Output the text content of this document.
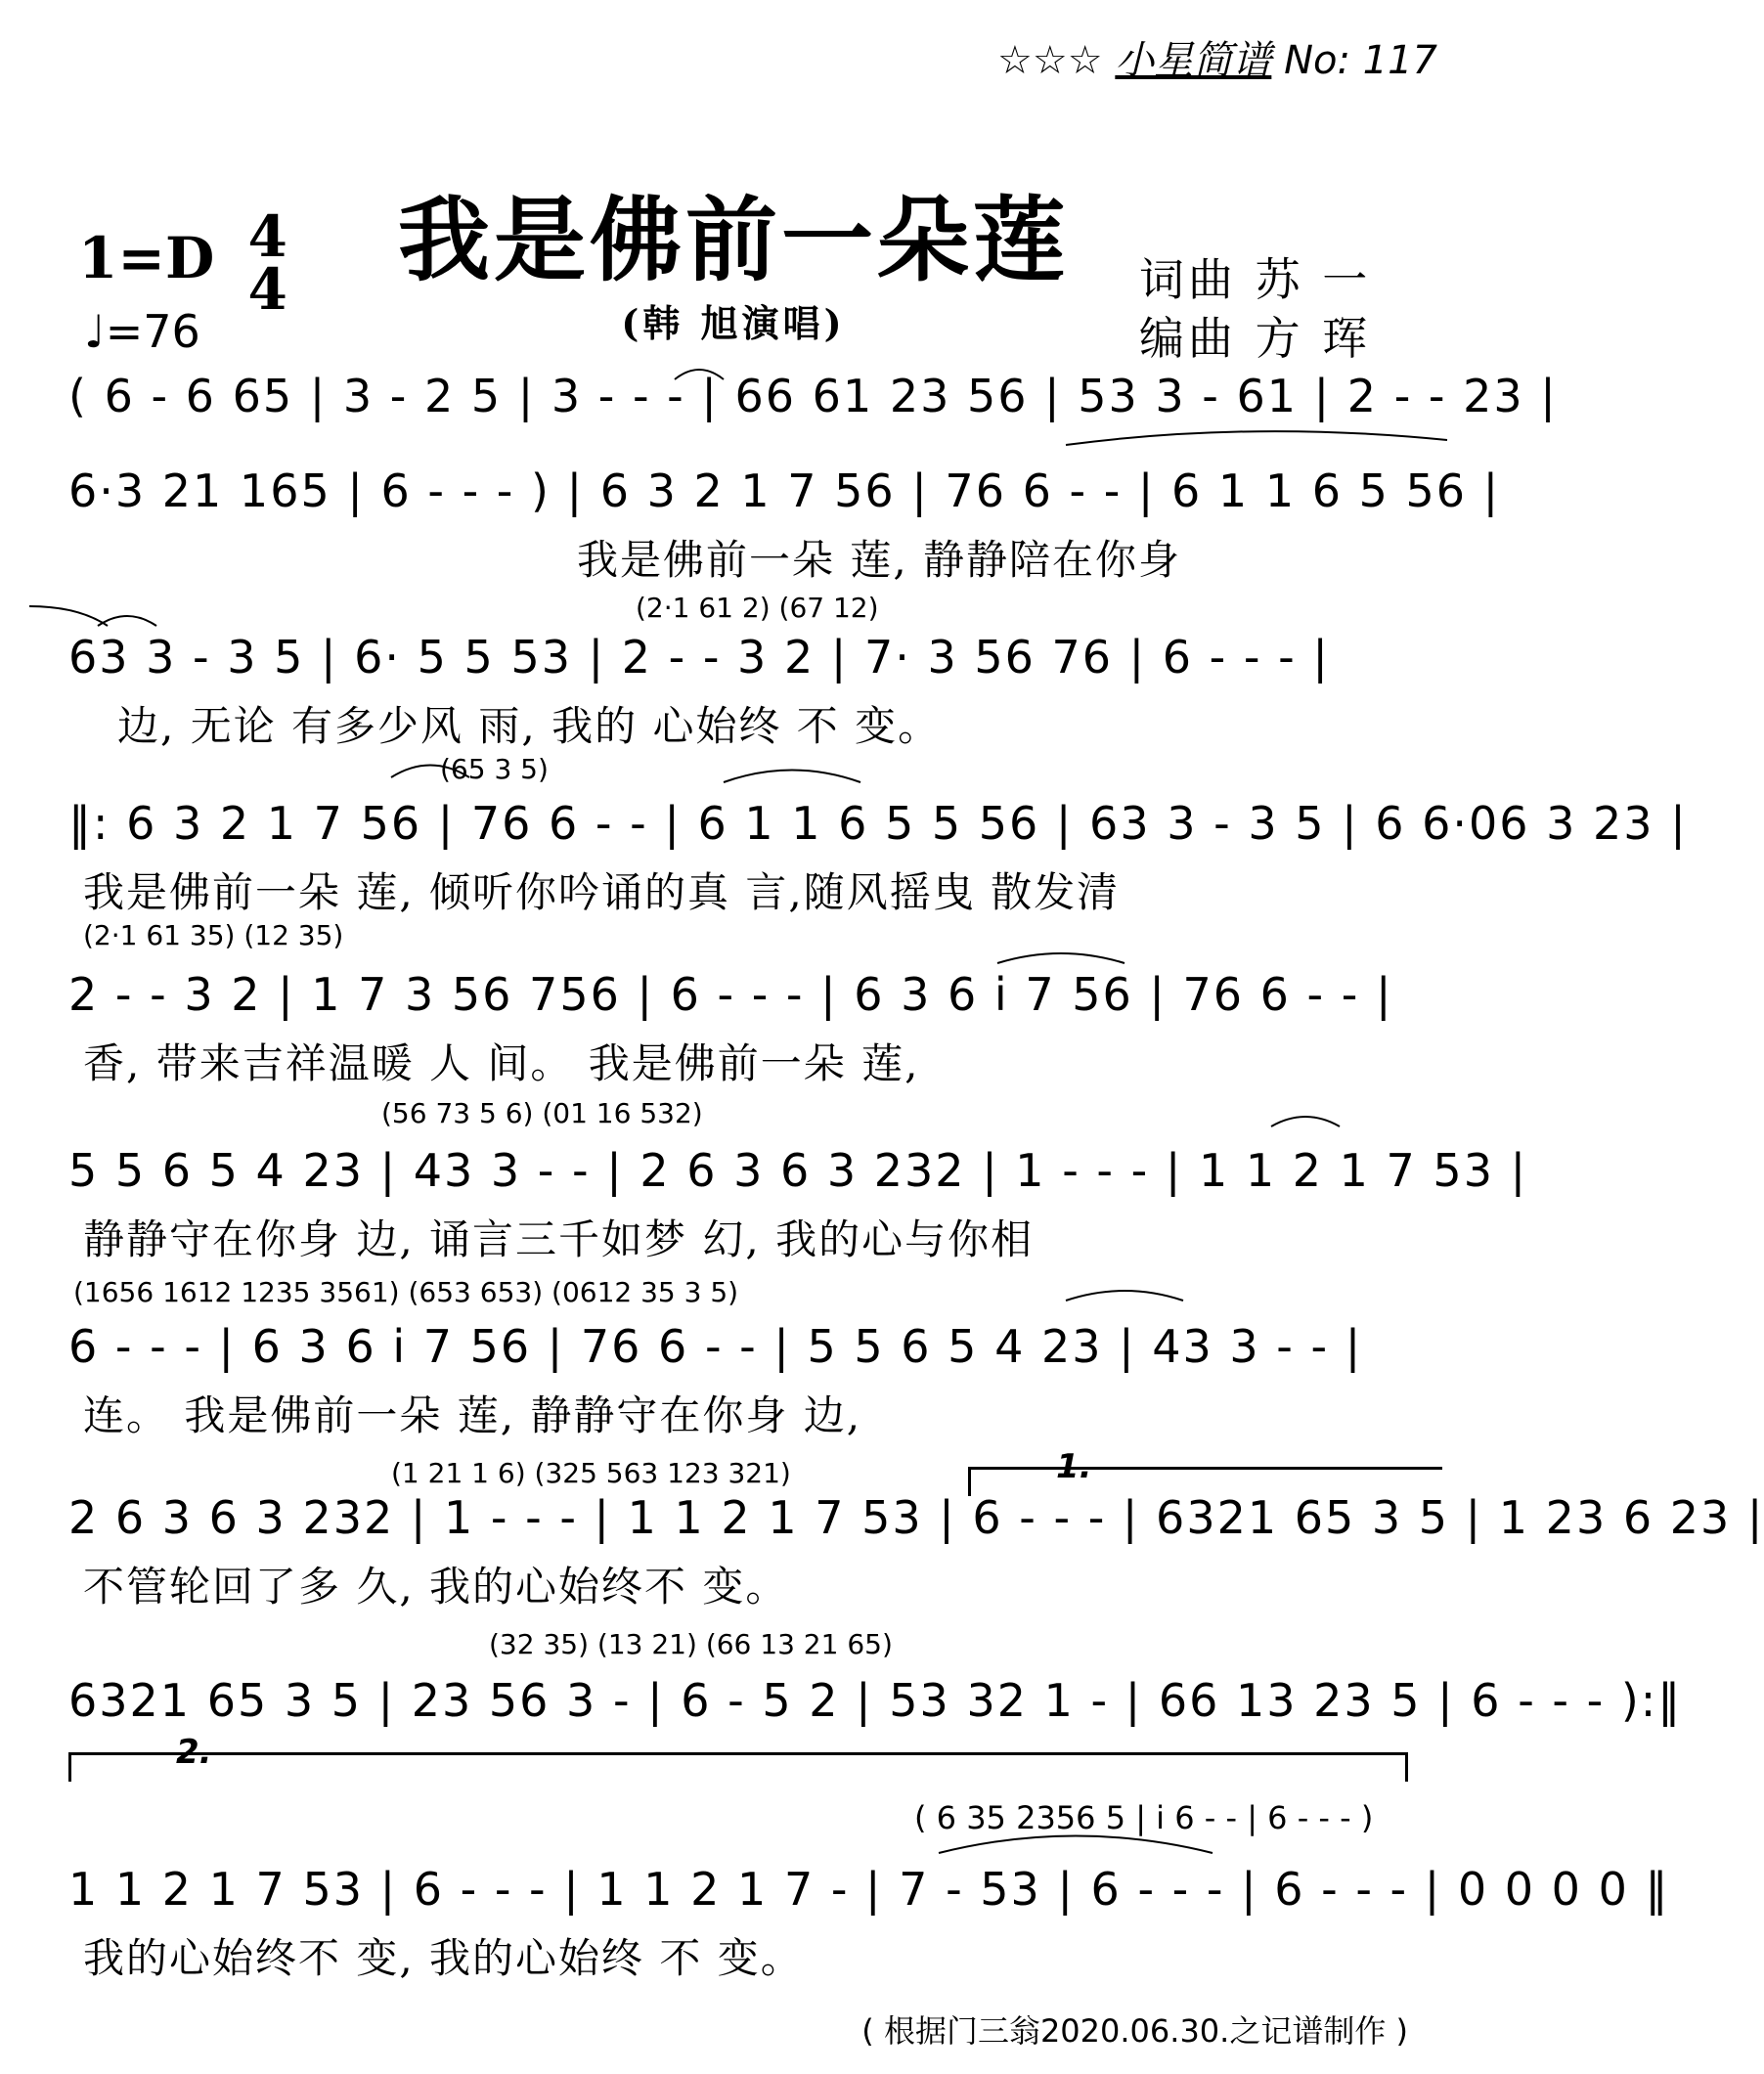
☆☆☆ 小星简谱 No: 117
1=D 4
4
♩=76
我是佛前一朵莲
(韩 旭演唱)
词曲 苏 一
编曲 方 珲
( 6 - 6 65 | 3 - 2 5 | 3 - - - | 66 61 23 56 | 53 3 - 61 | 2 - - 23 |
6·3 21 165 | 6 - - - ) | 6 3 2 1 7 56 | 76 6 - - | 6 1 1 6 5 56 |
我是佛前一朵 莲, 静静陪在你身
(2·1 61 2) (67 12)
63 3 - 3 5 | 6· 5 5 53 | 2 - - 3 2 | 7· 3 56 76 | 6 - - - |
边, 无论 有多少风 雨, 我的 心始终 不 变。
(65 3 5)
‖: 6 3 2 1 7 56 | 76 6 - - | 6 1 1 6 5 5 56 | 63 3 - 3 5 | 6 6·06 3 23 |
我是佛前一朵 莲, 倾听你吟诵的真 言,随风摇曳 散发清
(2·1 61 35) (12 35)
2 - - 3 2 | 1 7 3 56 756 | 6 - - - | 6 3 6 i 7 56 | 76 6 - - |
香, 带来吉祥温暖 人 间。 我是佛前一朵 莲,
(56 73 5 6) (01 16 532)
5 5 6 5 4 23 | 43 3 - - | 2 6 3 6 3 232 | 1 - - - | 1 1 2 1 7 53 |
静静守在你身 边, 诵言三千如梦 幻, 我的心与你相
(1656 1612 1235 3561) (653 653) (0612 35 3 5)
6 - - - | 6 3 6 i 7 56 | 76 6 - - | 5 5 6 5 4 23 | 43 3 - - |
连。 我是佛前一朵 莲, 静静守在你身 边,
1.
(1 21 1 6) (325 563 123 321)
2 6 3 6 3 232 | 1 - - - | 1 1 2 1 7 53 | 6 - - - | 6321 65 3 5 | 1 23 6 23 |
不管轮回了多 久, 我的心始终不 变。
(32 35) (13 21) (66 13 21 65)
6321 65 3 5 | 23 56 3 - | 6 - 5 2 | 53 32 1 - | 66 13 23 5 | 6 - - - ):‖
2.
( 6 35 2356 5 | i 6 - - | 6 - - - )
1 1 2 1 7 53 | 6 - - - | 1 1 2 1 7 - | 7 - 53 | 6 - - - | 6 - - - | 0 0 0 0 ‖
我的心始终不 变, 我的心始终 不 变。
( 根据门三翁2020.06.30.之记谱制作 )
